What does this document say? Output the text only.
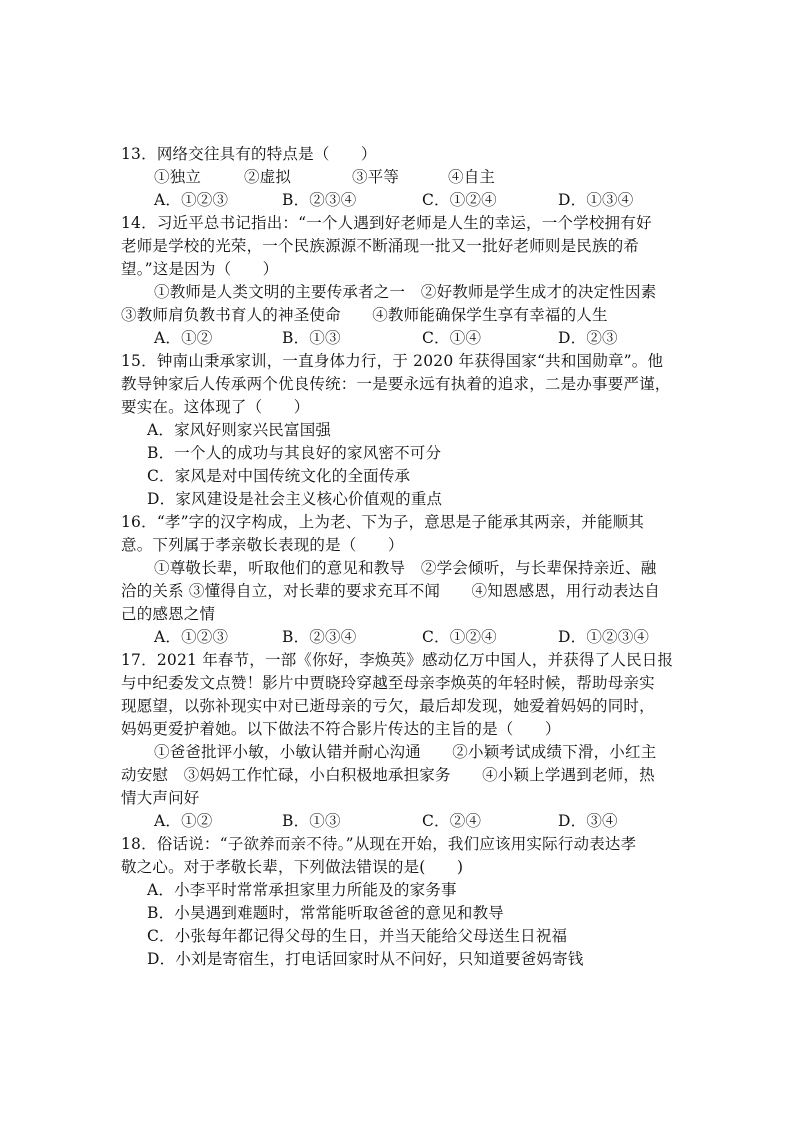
13．网络交往具有的特点是（　　）
①独立	②虚拟	③平等	④自主
A．①②③	B．②③④	C．①②④	D．①③④
14．习近平总书记指出：“一个人遇到好老师是人生的幸运，一个学校拥有好
老师是学校的光荣，一个民族源源不断涌现一批又一批好老师则是民族的希
望。”这是因为（　　）
①教师是人类文明的主要传承者之一　②好教师是学生成才的决定性因素
③教师肩负教书育人的神圣使命　　④教师能确保学生享有幸福的人生
A．①②	B．①③	C．①④	D．②③
15．钟南山秉承家训，一直身体力行，于 2020 年获得国家“共和国勋章”。他
教导钟家后人传承两个优良传统：一是要永远有执着的追求，二是办事要严谨，
要实在。这体现了（　　）
A．家风好则家兴民富国强
B．一个人的成功与其良好的家风密不可分
C．家风是对中国传统文化的全面传承
D．家风建设是社会主义核心价值观的重点
16．“孝”字的汉字构成，上为老、下为子，意思是子能承其两亲，并能顺其
意。下列属于孝亲敬长表现的是（　　）
①尊敬长辈，听取他们的意见和教导　②学会倾听，与长辈保持亲近、融
洽的关系 ③懂得自立，对长辈的要求充耳不闻　　④知恩感恩，用行动表达自
己的感恩之情
A．①②③	B．②③④	C．①②④	D．①②③④
17．2021 年春节，一部《你好，李焕英》感动亿万中国人，并获得了人民日报
与中纪委发文点赞！影片中贾晓玲穿越至母亲李焕英的年轻时候，帮助母亲实
现愿望，以弥补现实中对已逝母亲的亏欠，最后却发现，她爱着妈妈的同时，
妈妈更爱护着她。以下做法不符合影片传达的主旨的是（　　）
①爸爸批评小敏，小敏认错并耐心沟通　　②小颖考试成绩下滑，小红主
动安慰　③妈妈工作忙碌，小白积极地承担家务　　④小颖上学遇到老师，热
情大声问好
A．①②	B．①③	C．②④	D．③④
18．俗话说：“子欲养而亲不待。”从现在开始，我们应该用实际行动表达孝
敬之心。对于孝敬长辈，下列做法错误的是(　　)
A．小李平时常常承担家里力所能及的家务事
B．小昊遇到难题时，常常能听取爸爸的意见和教导
C．小张每年都记得父母的生日，并当天能给父母送生日祝福
D．小刘是寄宿生，打电话回家时从不问好，只知道要爸妈寄钱
